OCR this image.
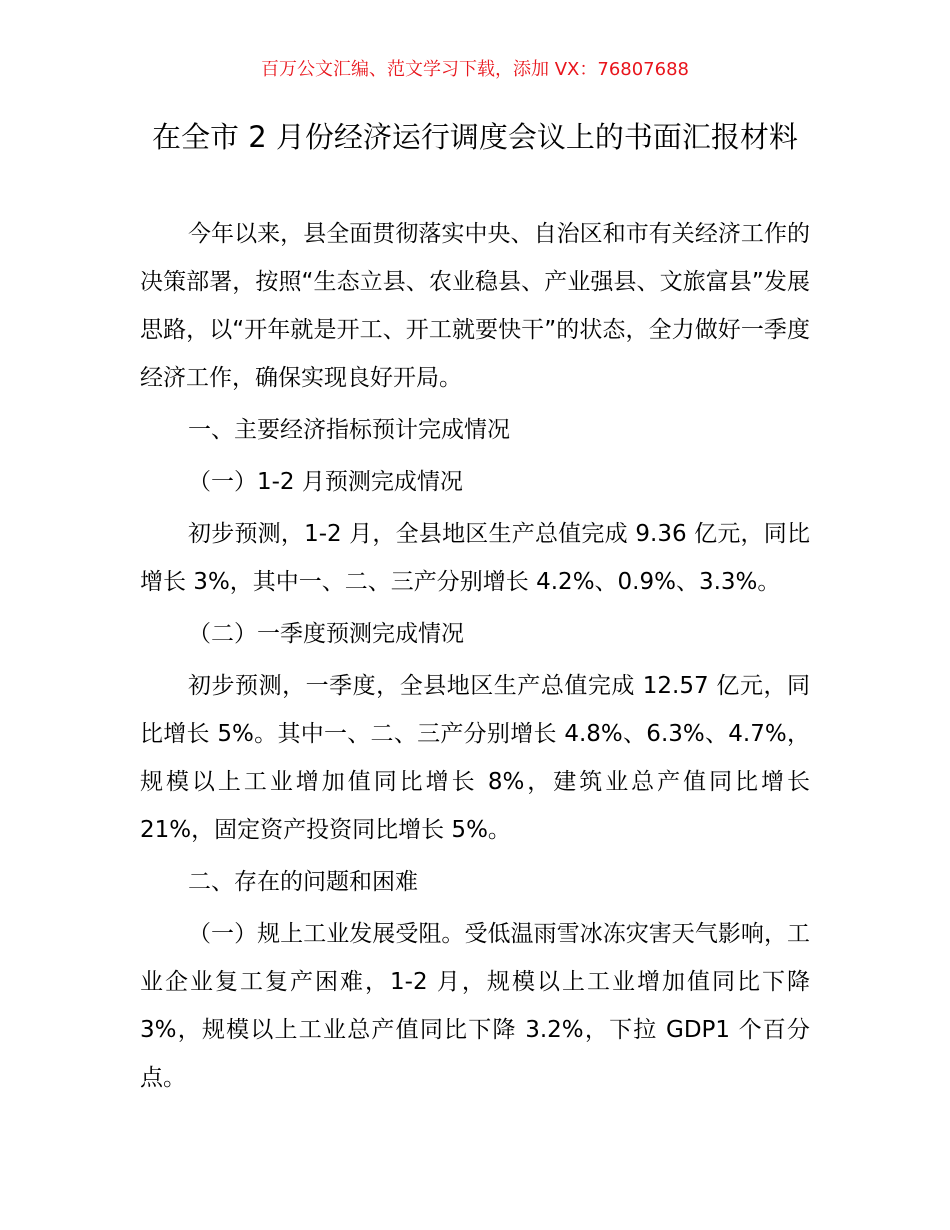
百万公文汇编、范文学习下载，添加 VX：76807688
在全市 2 月份经济运行调度会议上的书面汇报材料

今年以来，县全面贯彻落实中央、自治区和市有关经济工作的决策部署，按照“生态立县、农业稳县、产业强县、文旅富县”发展思路，以“开年就是开工、开工就要快干”的状态，全力做好一季度经济工作，确保实现良好开局。

一、主要经济指标预计完成情况

（一）1-2 月预测完成情况

初步预测，1-2 月，全县地区生产总值完成 9.36 亿元，同比增长 3%，其中一、二、三产分别增长 4.2%、0.9%、3.3%。

（二）一季度预测完成情况

初步预测，一季度，全县地区生产总值完成 12.57 亿元，同比增长 5%。其中一、二、三产分别增长 4.8%、6.3%、4.7%，规模以上工业增加值同比增长 8%，建筑业总产值同比增长 21%，固定资产投资同比增长 5%。

二、存在的问题和困难

（一）规上工业发展受阻。受低温雨雪冰冻灾害天气影响，工业企业复工复产困难，1-2 月，规模以上工业增加值同比下降 3%，规模以上工业总产值同比下降 3.2%，下拉 GDP1 个百分点。
